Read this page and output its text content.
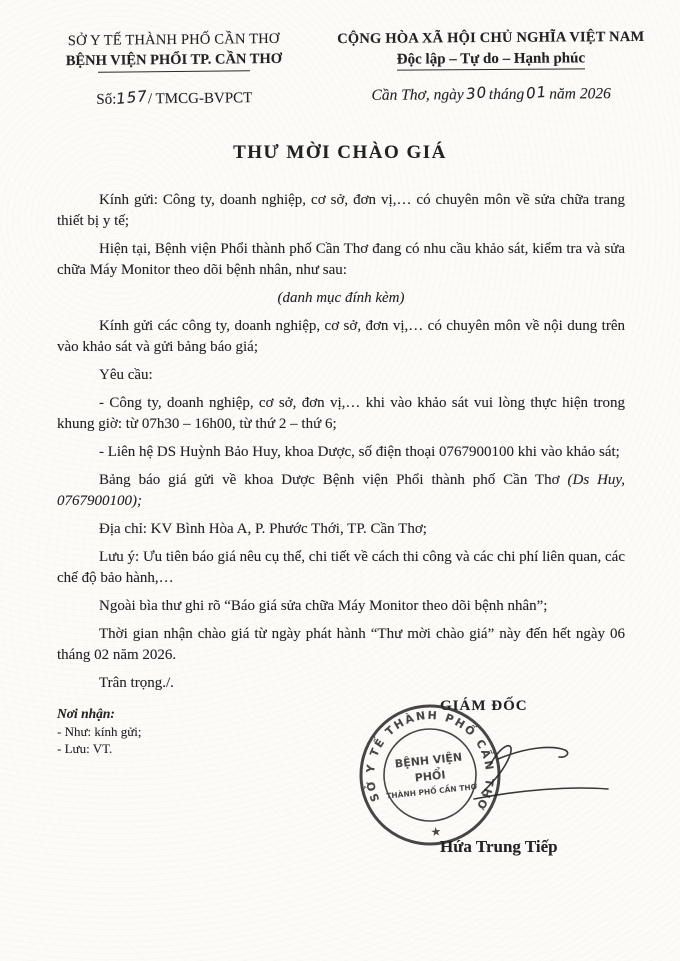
SỞ Y TẾ THÀNH PHỐ CẦN THƠ
BỆNH VIỆN PHỔI TP. CẦN THƠ
Số:157/ TMCG-BVPCT
CỘNG HÒA XÃ HỘI CHỦ NGHĨA VIỆT NAM
Độc lập – Tự do – Hạnh phúc
Cần Thơ, ngày30tháng01năm 2026
THƯ MỜI CHÀO GIÁ

Kính gửi: Công ty, doanh nghiệp, cơ sở, đơn vị,… có chuyên môn về sửa chữa trang thiết bị y tế;

Hiện tại, Bệnh viện Phổi thành phố Cần Thơ đang có nhu cầu khảo sát, kiểm tra và sửa chữa Máy Monitor theo dõi bệnh nhân, như sau:

(danh mục đính kèm)

Kính gửi các công ty, doanh nghiệp, cơ sở, đơn vị,… có chuyên môn về nội dung trên vào khảo sát và gửi bảng báo giá;

Yêu cầu:

- Công ty, doanh nghiệp, cơ sở, đơn vị,… khi vào khảo sát vui lòng thực hiện trong khung giờ: từ 07h30 – 16h00, từ thứ 2 – thứ 6;

- Liên hệ DS Huỳnh Bảo Huy, khoa Dược, số điện thoại 0767900100 khi vào khảo sát;

Bảng báo giá gửi về khoa Dược Bệnh viện Phổi thành phố Cần Thơ (Ds Huy, 0767900100);

Địa chỉ: KV Bình Hòa A, P. Phước Thới, TP. Cần Thơ;

Lưu ý: Ưu tiên báo giá nêu cụ thể, chi tiết về cách thi công và các chi phí liên quan, các chế độ bảo hành,…

Ngoài bìa thư ghi rõ “Báo giá sửa chữa Máy Monitor theo dõi bệnh nhân”;

Thời gian nhận chào giá từ ngày phát hành “Thư mời chào giá” này đến hết ngày 06 tháng 02 năm 2026.

Trân trọng./.

Nơi nhận:
- Như: kính gửi;
- Lưu: VT.
GIÁM ĐỐC
SỞ Y TẾ THÀNH PHỐ CẦN THƠ
★
BỆNH VIỆN
PHỔI
THÀNH PHỐ CẦN THƠ
Hứa Trung Tiếp
